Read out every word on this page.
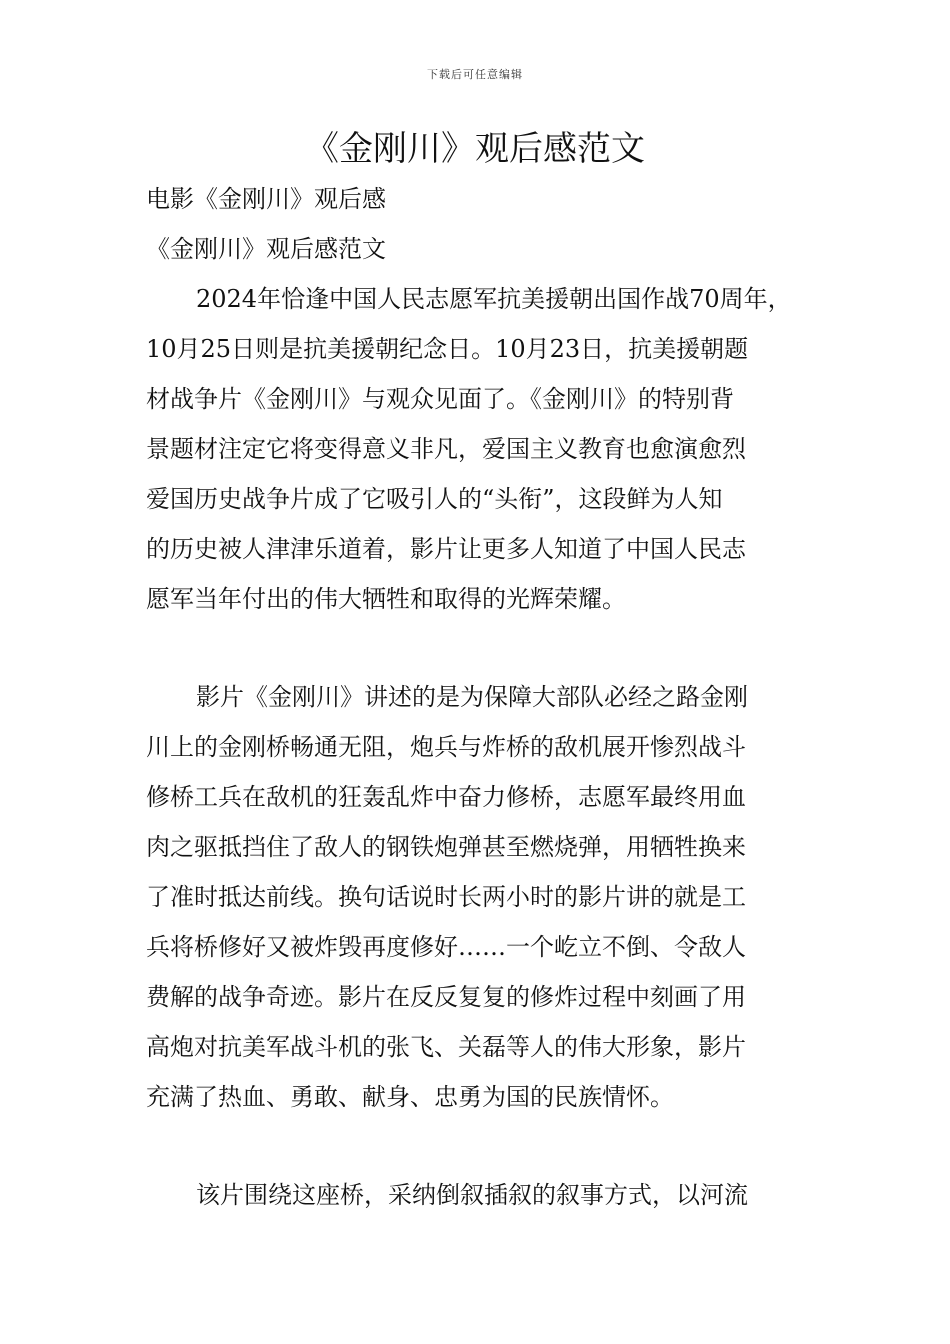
下载后可任意编辑
《金刚川》观后感范文
电影《金刚川》观后感
《金刚川》观后感范文
2024年恰逢中国人民志愿军抗美援朝出国作战70周年，
10月25日则是抗美援朝纪念日。10月23日，抗美援朝题
材战争片《金刚川》与观众见面了。《金刚川》的特别背
景题材注定它将变得意义非凡，爱国主义教育也愈演愈烈
爱国历史战争片成了它吸引人的“头衔”，这段鲜为人知
的历史被人津津乐道着，影片让更多人知道了中国人民志
愿军当年付出的伟大牺牲和取得的光辉荣耀。
影片《金刚川》讲述的是为保障大部队必经之路金刚
川上的金刚桥畅通无阻，炮兵与炸桥的敌机展开惨烈战斗
修桥工兵在敌机的狂轰乱炸中奋力修桥，志愿军最终用血
肉之驱抵挡住了敌人的钢铁炮弹甚至燃烧弹，用牺牲换来
了准时抵达前线。换句话说时长两小时的影片讲的就是工
兵将桥修好又被炸毁再度修好……一个屹立不倒、令敌人
费解的战争奇迹。影片在反反复复的修炸过程中刻画了用
高炮对抗美军战斗机的张飞、关磊等人的伟大形象，影片
充满了热血、勇敢、献身、忠勇为国的民族情怀。
该片围绕这座桥，采纳倒叙插叙的叙事方式，以河流
